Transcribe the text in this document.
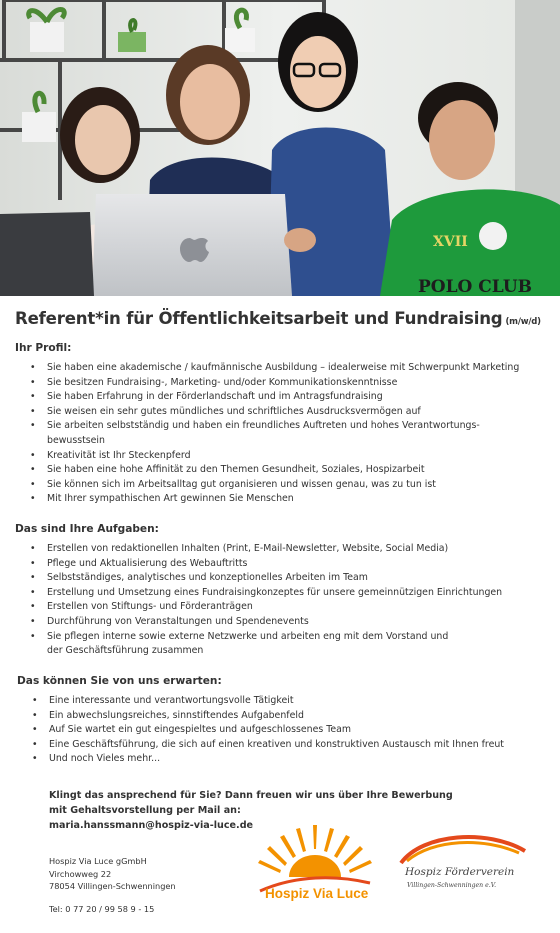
POLO CLUB
XVII
Referent*in für Öffentlichkeitsarbeit und Fundraising (m/w/d)
Ihr Profil:
• Sie haben eine akademische / kaufmännische Ausbildung – idealerweise mit Schwerpunkt Marketing
• Sie besitzen Fundraising-, Marketing- und/oder Kommunikationskenntnisse
• Sie haben Erfahrung in der Förderlandschaft und im Antragsfundraising
• Sie weisen ein sehr gutes mündliches und schriftliches Ausdrucksvermögen auf
• Sie arbeiten selbstständig und haben ein freundliches Auftreten und hohes Verantwortungs-bewusstsein
• Kreativität ist Ihr Steckenpferd
• Sie haben eine hohe Affinität zu den Themen Gesundheit, Soziales, Hospizarbeit
• Sie können sich im Arbeitsalltag gut organisieren und wissen genau, was zu tun ist
• Mit Ihrer sympathischen Art gewinnen Sie Menschen
Das sind Ihre Aufgaben:
• Erstellen von redaktionellen Inhalten (Print, E-Mail-Newsletter, Website, Social Media)
• Pflege und Aktualisierung des Webauftritts
• Selbstständiges, analytisches und konzeptionelles Arbeiten im Team
• Erstellung und Umsetzung eines Fundraisingkonzeptes für unsere gemeinnützigen Einrichtungen
• Erstellen von Stiftungs- und Förderanträgen
• Durchführung von Veranstaltungen und Spendenevents
• Sie pflegen interne sowie externe Netzwerke und arbeiten eng mit dem Vorstand und der Geschäftsführung zusammen
Das können Sie von uns erwarten:
• Eine interessante und verantwortungsvolle Tätigkeit
• Ein abwechslungsreiches, sinnstiftendes Aufgabenfeld
• Auf Sie wartet ein gut eingespieltes und aufgeschlossenes Team
• Eine Geschäftsführung, die sich auf einen kreativen und konstruktiven Austausch mit Ihnen freut
• Und noch Vieles mehr...
Klingt das ansprechend für Sie? Dann freuen wir uns über Ihre Bewerbung
mit Gehaltsvorstellung per Mail an:
maria.hanssmann@hospiz-via-luce.de
Hospiz Via Luce gGmbH
Virchowweg 22
78054 Villingen-Schwenningen
Tel: 0 77 20 / 99 58 9 - 15
Hospiz Via Luce
Hospiz Förderverein
Villingen-Schwenningen e.V.
